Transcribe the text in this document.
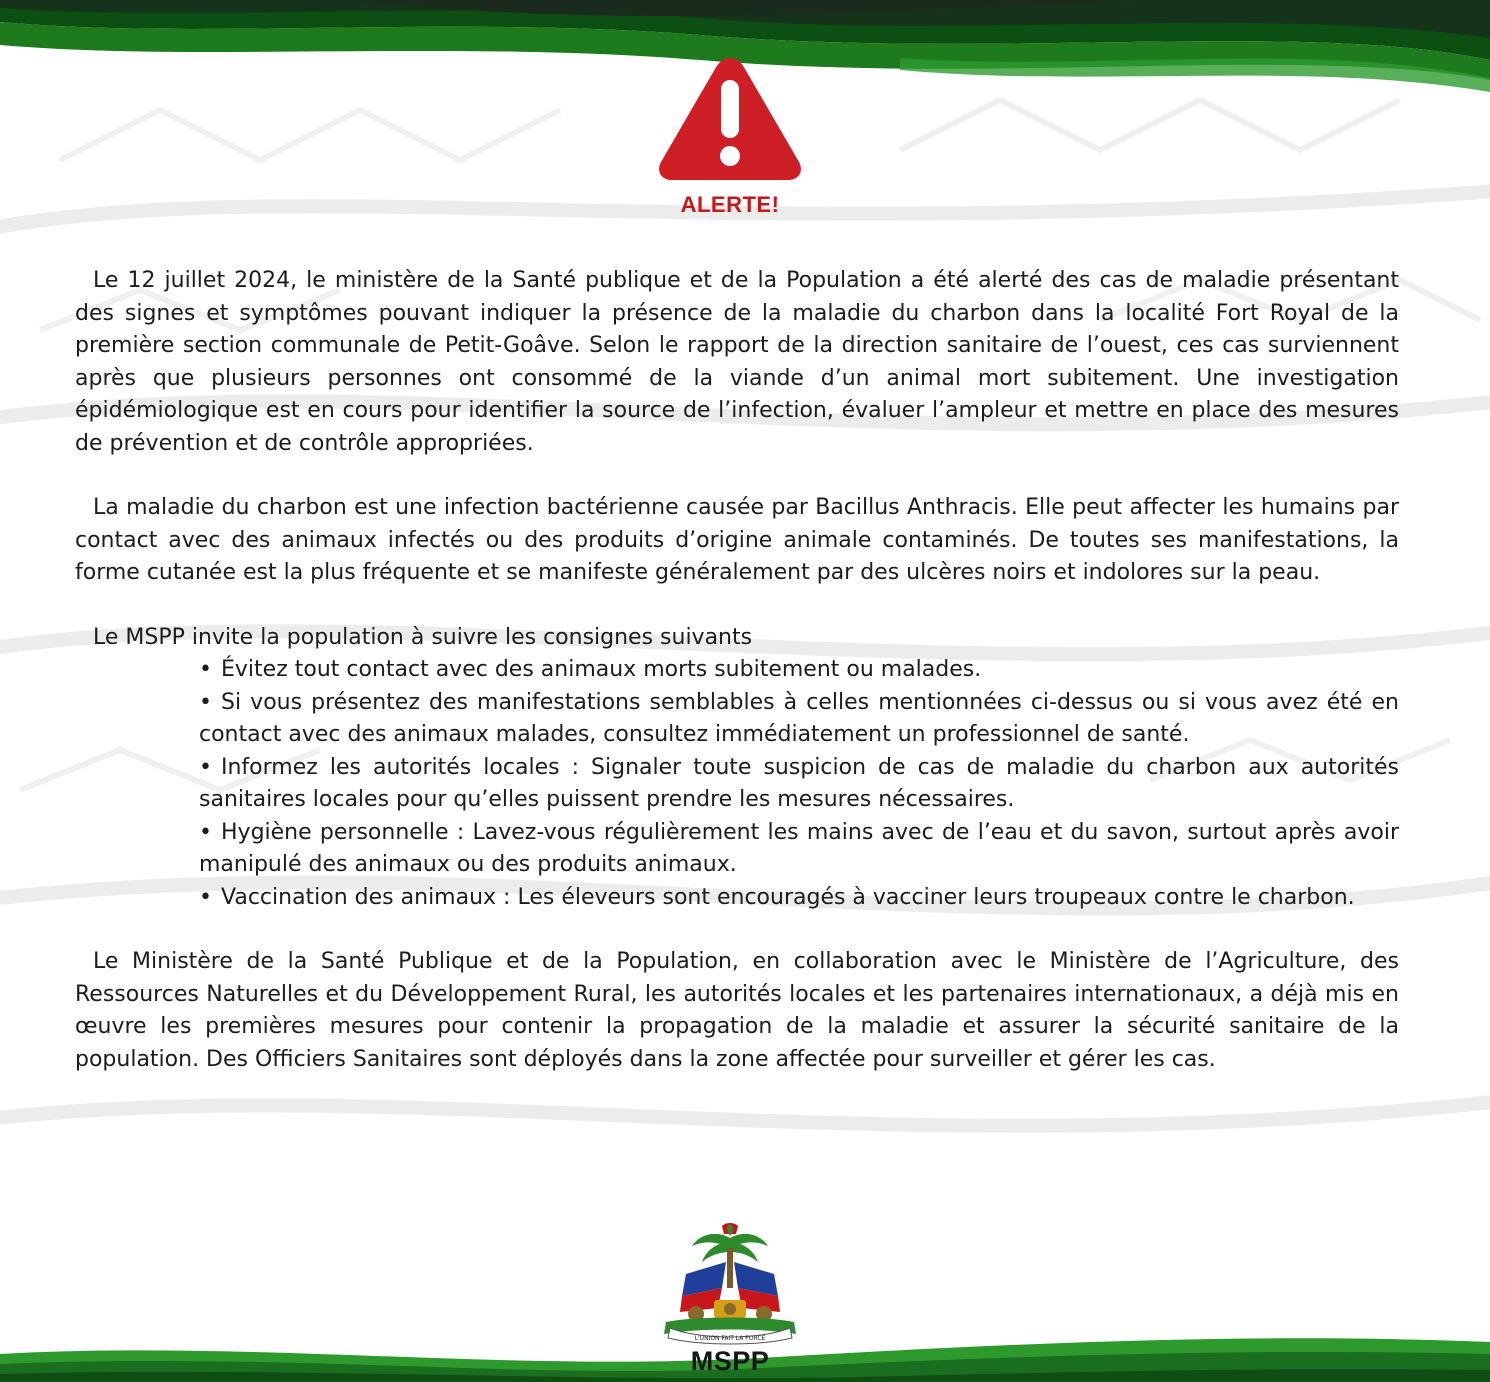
ALERTE!

Le 12 juillet 2024, le ministère de la Santé publique et de la Population a été alerté des cas de maladie présentant des signes et symptômes pouvant indiquer la présence de la maladie du charbon dans la localité Fort Royal de la première section communale de Petit-Goâve. Selon le rapport de la direction sanitaire de l’ouest, ces cas surviennent après que plusieurs personnes ont consommé de la viande d’un animal mort subitement. Une investigation épidémiologique est en cours pour identifier la source de l’infection, évaluer l’ampleur et mettre en place des mesures de prévention et de contrôle appropriées.

La maladie du charbon est une infection bactérienne causée par Bacillus Anthracis. Elle peut affecter les humains par contact avec des animaux infectés ou des produits d’origine animale contaminés. De toutes ses manifestations, la forme cutanée est la plus fréquente et se manifeste généralement par des ulcères noirs et indolores sur la peau.

Le MSPP invite la population à suivre les consignes suivants

• Évitez tout contact avec des animaux morts subitement ou malades.
• Si vous présentez des manifestations semblables à celles mentionnées ci-dessus ou si vous avez été en contact avec des animaux malades, consultez immédiatement un professionnel de santé.
• Informez les autorités locales : Signaler toute suspicion de cas de maladie du charbon aux autorités sanitaires locales pour qu’elles puissent prendre les mesures nécessaires.
• Hygiène personnelle : Lavez-vous régulièrement les mains avec de l’eau et du savon, surtout après avoir manipulé des animaux ou des produits animaux.
• Vaccination des animaux : Les éleveurs sont encouragés à vacciner leurs troupeaux contre le charbon.

Le Ministère de la Santé Publique et de la Population, en collaboration avec le Ministère de l’Agriculture, des Ressources Naturelles et du Développement Rural, les autorités locales et les partenaires internationaux, a déjà mis en œuvre les premières mesures pour contenir la propagation de la maladie et assurer la sécurité sanitaire de la population. Des Officiers Sanitaires sont déployés dans la zone affectée pour surveiller et gérer les cas.

L'UNION FAIT LA FORCE
MSPP
